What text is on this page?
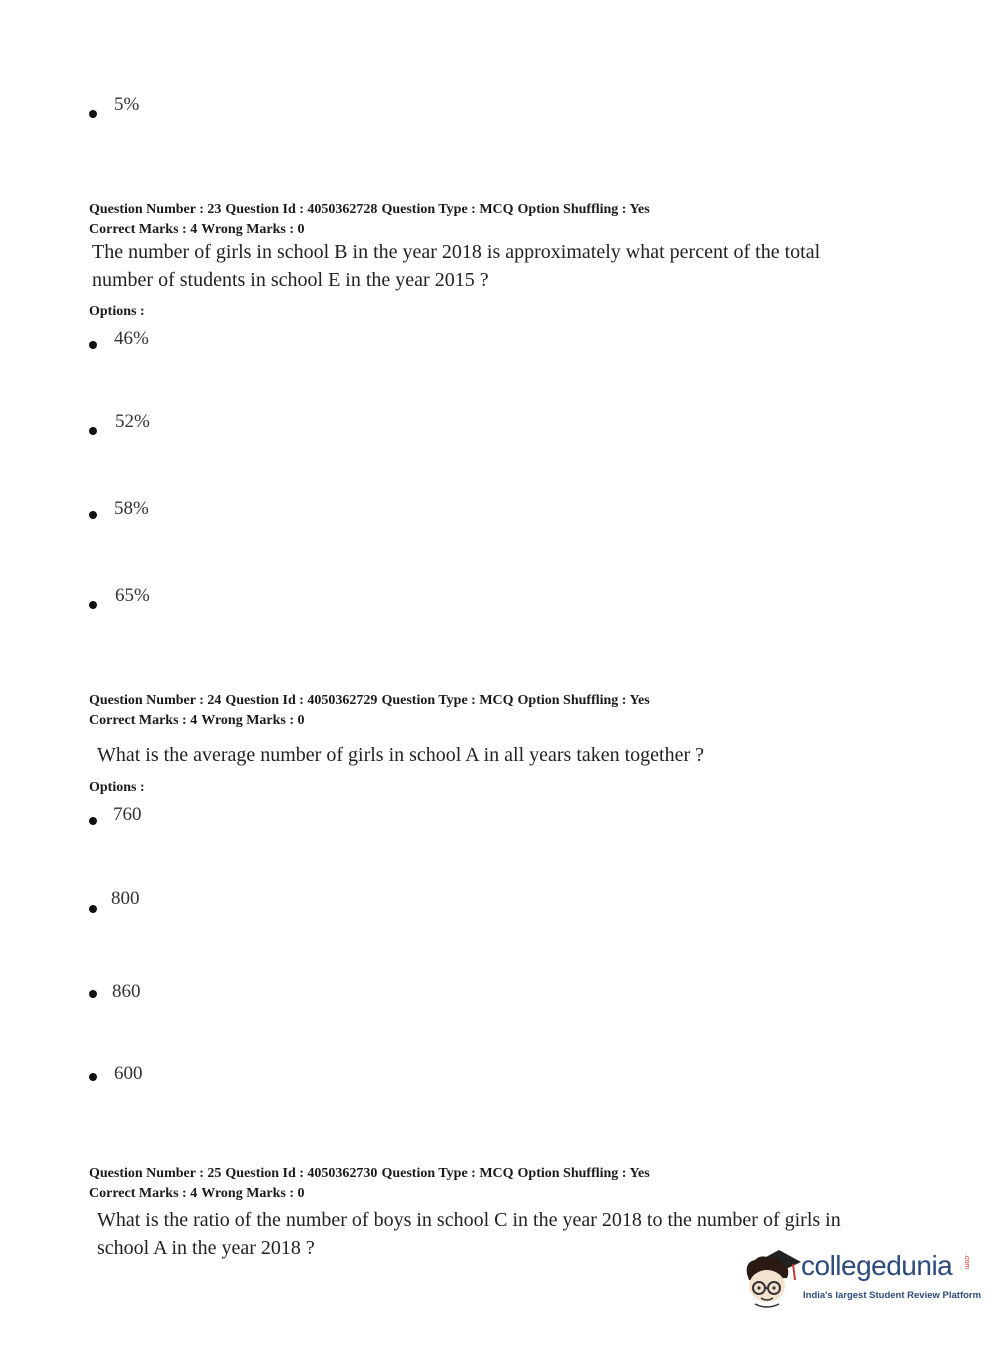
5%
Question Number : 23 Question Id : 4050362728 Question Type : MCQ Option Shuffling : Yes
Correct Marks : 4 Wrong Marks : 0
The number of girls in school B in the year 2018 is approximately what percent of the total
number of students in school E in the year 2015 ?
Options :
46%
52%
58%
65%
Question Number : 24 Question Id : 4050362729 Question Type : MCQ Option Shuffling : Yes
Correct Marks : 4 Wrong Marks : 0
What is the average number of girls in school A in all years taken together ?
Options :
760
800
860
600
Question Number : 25 Question Id : 4050362730 Question Type : MCQ Option Shuffling : Yes
Correct Marks : 4 Wrong Marks : 0
What is the ratio of the number of boys in school C in the year 2018 to the number of girls in
school A in the year 2018 ?
collegedunia .com
India's largest Student Review Platform
